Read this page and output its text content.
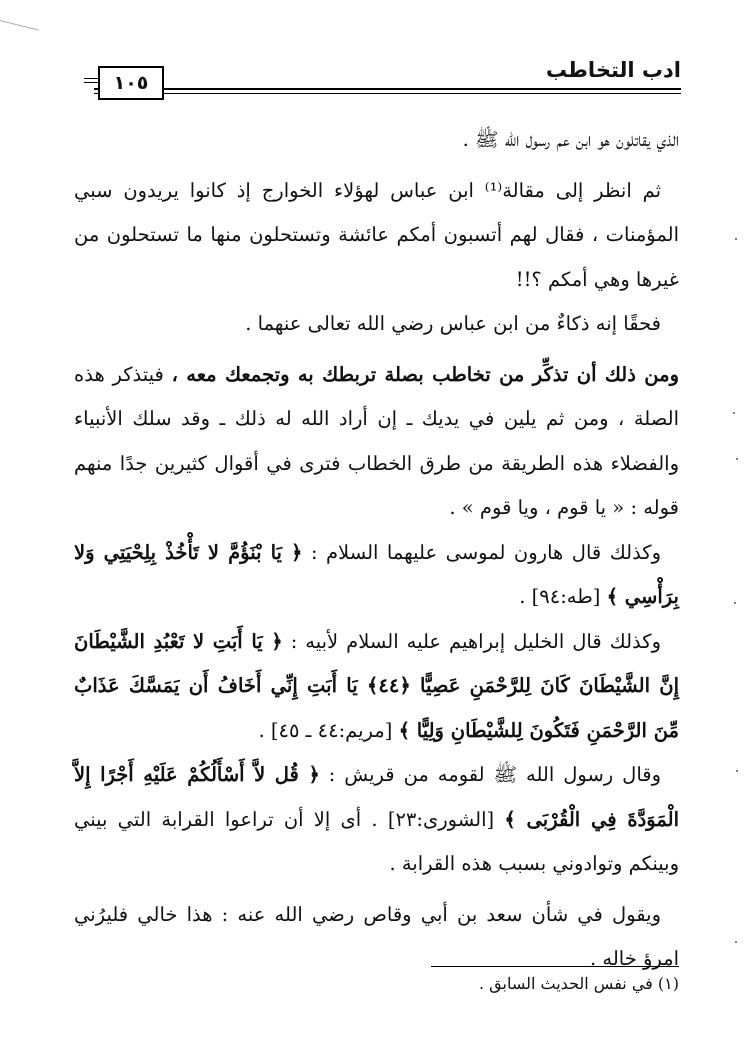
ادب التخاطب
١٠٥

الذي يقاتلون هو ابن عم رسول الله ﷺ .

ثم انظر إلى مقالة⁽¹⁾ ابن عباس لهؤلاء الخوارج إذ كانوا يريدون سبي المؤمنات ، فقال لهم أتسبون أمكم عائشة وتستحلون منها ما تستحلون من غيرها وهي أمكم ؟!!

فحقًا إنه ذكاءٌ من ابن عباس رضي الله تعالى عنهما .

ومن ذلك أن تذكِّر من تخاطب بصلة تربطك به وتجمعك معه ، فيتذكر هذه الصلة ، ومن ثم يلين في يديك ـ إن أراد الله له ذلك ـ وقد سلك الأنبياء والفضلاء هذه الطريقة من طرق الخطاب فترى في أقوال كثيرين جدًا منهم قوله : « يا قوم ، ويا قوم » .

وكذلك قال هارون لموسى عليهما السلام : ﴿ يَا بْنَؤُمَّ لا تَأْخُذْ بِلِحْيَتِي وَلا بِرَأْسِي ﴾ [طه:٩٤] .

وكذلك قال الخليل إبراهيم عليه السلام لأبيه : ﴿ يَا أَبَتِ لا تَعْبُدِ الشَّيْطَانَ إِنَّ الشَّيْطَانَ كَانَ لِلرَّحْمَنِ عَصِيًّا ﴿٤٤﴾ يَا أَبَتِ إِنِّي أَخَافُ أَن يَمَسَّكَ عَذَابٌ مِّنَ الرَّحْمَنِ فَتَكُونَ لِلشَّيْطَانِ وَلِيًّا ﴾ [مريم:٤٤ ـ ٤٥] .

وقال رسول الله ﷺ لقومه من قريش : ﴿ قُل لاَّ أَسْأَلُكُمْ عَلَيْهِ أَجْرًا إِلاَّ الْمَوَدَّةَ فِي الْقُرْبَى ﴾ [الشورى:٢٣] . أى إلا أن تراعوا القرابة التي بيني وبينكم وتوادوني بسبب هذه القرابة .

ويقول في شأن سعد بن أبي وقاص رضي الله عنه : هذا خالي فليرُني امرؤ خاله .

(١) في نفس الحديث السابق .
